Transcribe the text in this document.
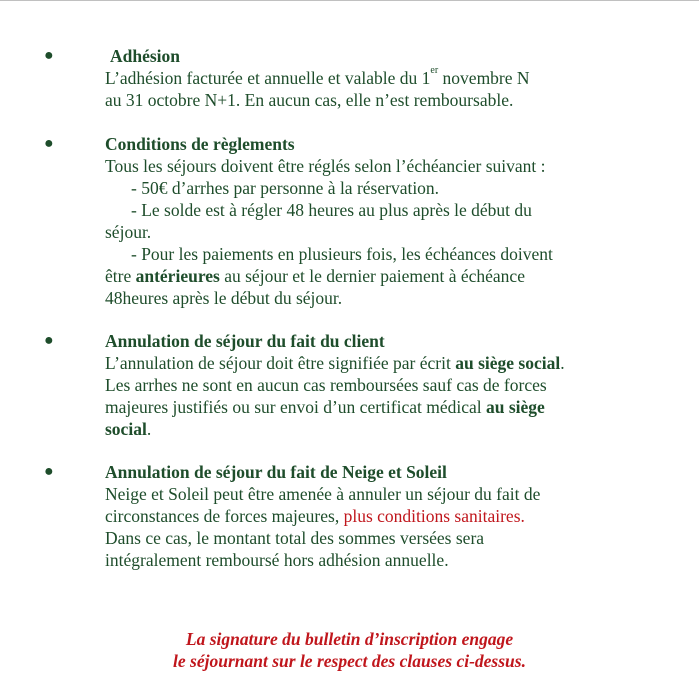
●	Adhésion
L’adhésion facturée et annuelle et valable du 1er novembre N
au 31 octobre N+1. En aucun cas, elle n’est remboursable.
●	Conditions de règlements
Tous les séjours doivent être réglés selon l’échéancier suivant :
- 50€ d’arrhes par personne à la réservation.
- Le solde est à régler 48 heures au plus après le début du
séjour.
- Pour les paiements en plusieurs fois, les échéances doivent
être antérieures au séjour et le dernier paiement à échéance
48heures après le début du séjour.
●	Annulation de séjour du fait du client
L’annulation de séjour doit être signifiée par écrit au siège social.
Les arrhes ne sont en aucun cas remboursées sauf cas de forces
majeures justifiés ou sur envoi d’un certificat médical au siège
social.
●	Annulation de séjour du fait de Neige et Soleil
Neige et Soleil peut être amenée à annuler un séjour du fait de
circonstances de forces majeures, plus conditions sanitaires.
Dans ce cas, le montant total des sommes versées sera
intégralement remboursé hors adhésion annuelle.
La signature du bulletin d’inscription engage
le séjournant sur le respect des clauses ci-dessus.
